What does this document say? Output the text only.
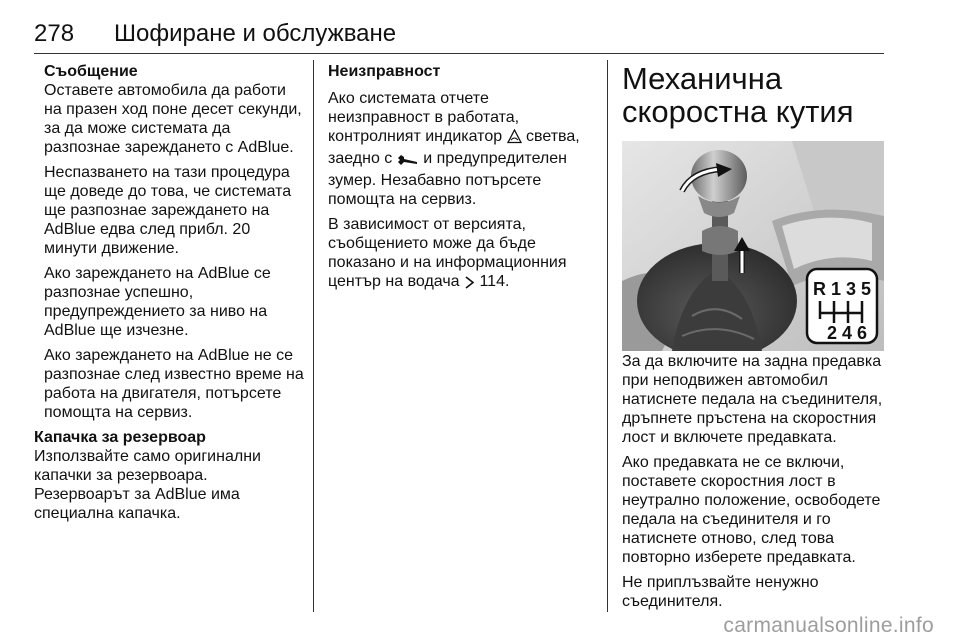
278 Шофиране и обслужване
Съобщение

Оставете автомобила да работи на празен ход поне десет секунди, за да може системата да разпознае зареждането с AdBlue.

Неспазването на тази процедура ще доведе до това, че системата ще разпознае зареждането на AdBlue едва след прибл. 20 минути движение.

Ако зареждането на AdBlue се разпознае успешно, предупреждението за ниво на AdBlue ще изчезне.

Ако зареждането на AdBlue не се разпознае след известно време на работа на двигателя, потърсете помощта на сервиз.

Капачка за резервоар

Използвайте само оригинални капачки за резервоара.

Резервоарът за AdBlue има специална капачка.

Неизправност

Ако системата отчете неизправност в работата, контролният индикатор светва, заедно с и предупредителен зумер. Незабавно потърсете помощта на сервиз.

В зависимост от версията, съобщението може да бъде показано и на информационния център на водача 114.

Механична скоростна кутия

За да включите на задна предавка при неподвижен автомобил натиснете педала на съединителя, дръпнете пръстена на скоростния лост и включете предавката.

Ако предавката не се включи, поставете скоростния лост в неутрално положение, освободете педала на съединителя и го натиснете отново, след това повторно изберете предавката.

Не приплъзвайте ненужно съединителя.

R 1 3 5
2 4 6
carmanualsonline.info
